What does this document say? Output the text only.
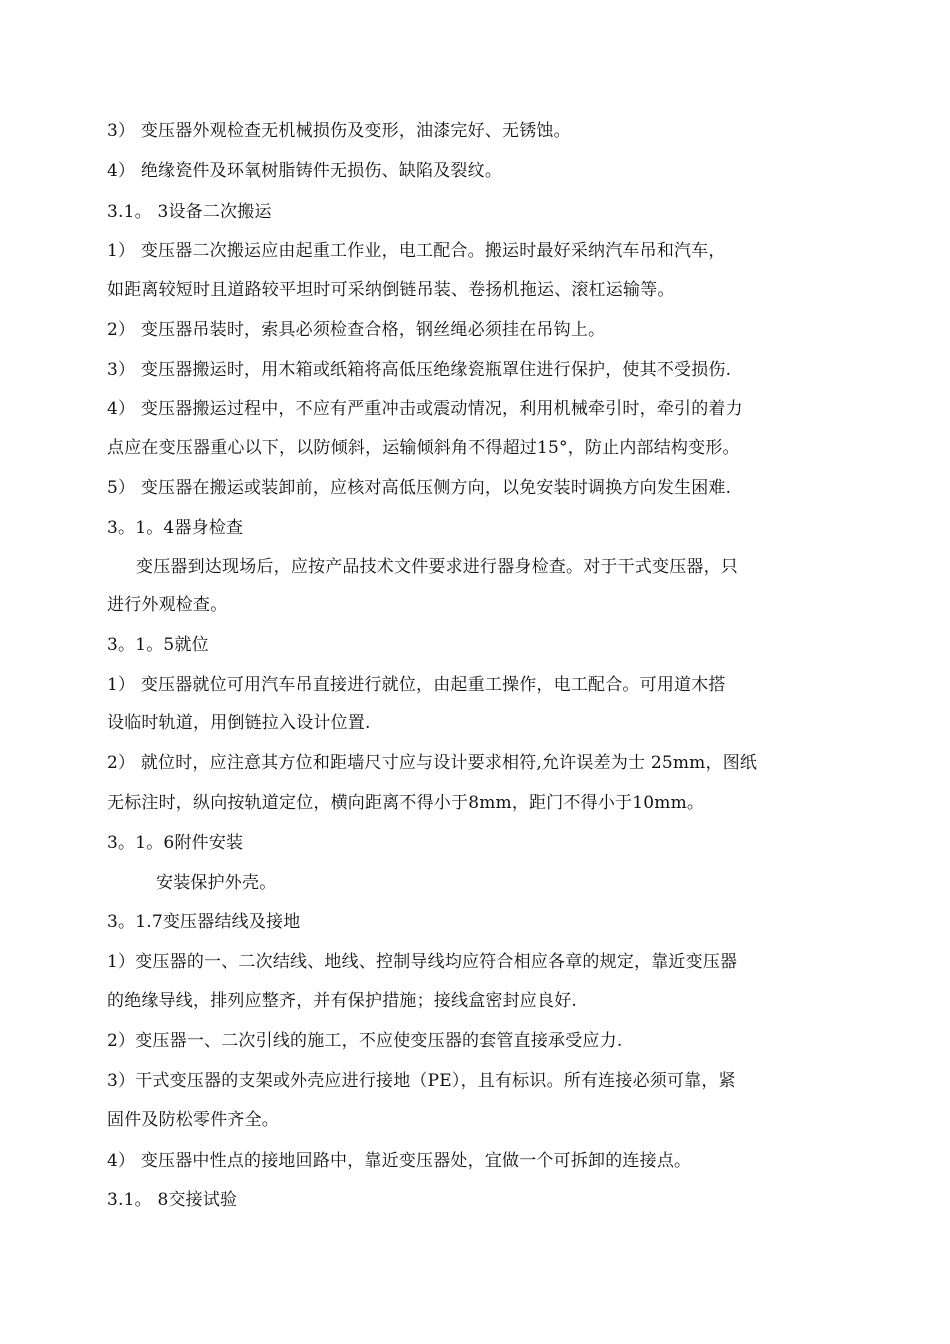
3） 变压器外观检查无机械损伤及变形，油漆完好、无锈蚀。
4） 绝缘瓷件及环氧树脂铸件无损伤、缺陷及裂纹。
3.1。 3设备二次搬运
1） 变压器二次搬运应由起重工作业，电工配合。搬运时最好采纳汽车吊和汽车，
如距离较短时且道路较平坦时可采纳倒链吊装、卷扬机拖运、滚杠运输等。
2） 变压器吊装时，索具必须检查合格，钢丝绳必须挂在吊钩上。
3） 变压器搬运时，用木箱或纸箱将高低压绝缘瓷瓶罩住进行保护，使其不受损伤.
4） 变压器搬运过程中，不应有严重冲击或震动情况，利用机械牵引时，牵引的着力
点应在变压器重心以下，以防倾斜，运输倾斜角不得超过15°，防止内部结构变形。
5） 变压器在搬运或装卸前，应核对高低压侧方向，以免安装时调换方向发生困难.
3。1。4器身检查
变压器到达现场后，应按产品技术文件要求进行器身检查。对于干式变压器，只
进行外观检查。
3。1。5就位
1） 变压器就位可用汽车吊直接进行就位，由起重工操作，电工配合。可用道木搭
设临时轨道，用倒链拉入设计位置.
2） 就位时，应注意其方位和距墙尺寸应与设计要求相符,允许误差为士 25mm，图纸
无标注时，纵向按轨道定位，横向距离不得小于8mm，距门不得小于10mm。
3。1。6附件安装
安装保护外壳。
3。1.7变压器结线及接地
1）变压器的一、二次结线、地线、控制导线均应符合相应各章的规定，靠近变压器
的绝缘导线，排列应整齐，并有保护措施；接线盒密封应良好.
2）变压器一、二次引线的施工，不应使变压器的套管直接承受应力.
3）干式变压器的支架或外壳应进行接地（PE），且有标识。所有连接必须可靠，紧
固件及防松零件齐全。
4） 变压器中性点的接地回路中，靠近变压器处，宜做一个可拆卸的连接点。
3.1。 8交接试验
